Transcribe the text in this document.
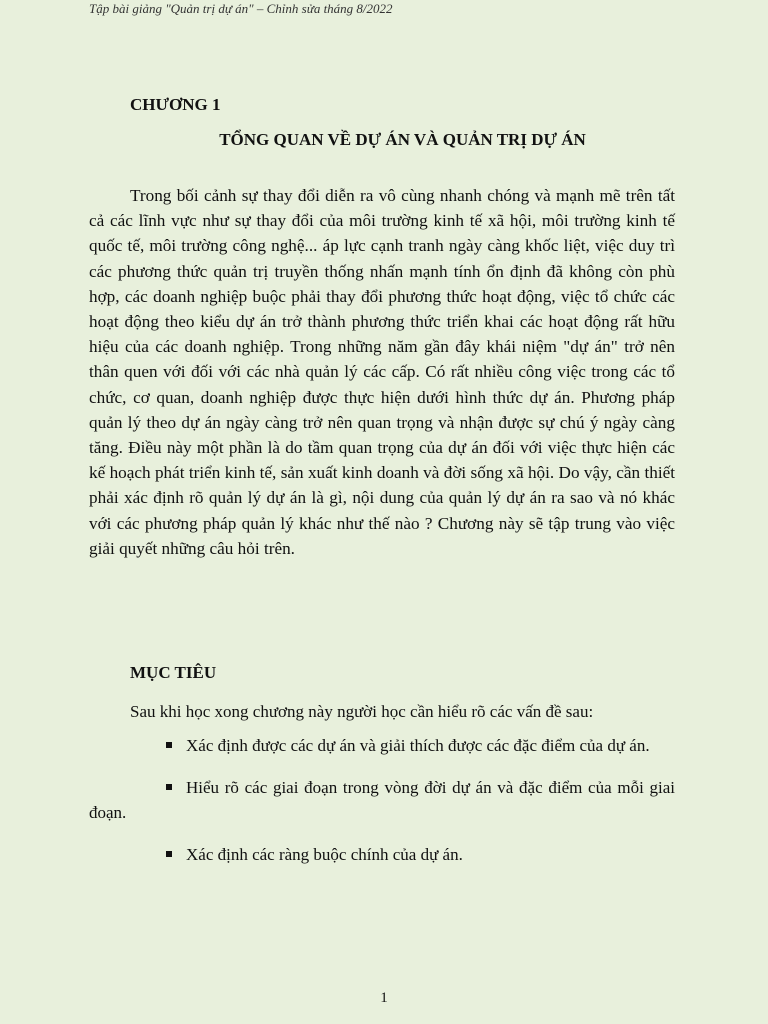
Tập bài giảng "Quản trị dự án" – Chỉnh sửa tháng 8/2022
CHƯƠNG 1
TỔNG QUAN VỀ DỰ ÁN VÀ QUẢN TRỊ DỰ ÁN

Trong bối cảnh sự thay đổi diễn ra vô cùng nhanh chóng và mạnh mẽ trên tất cả các lĩnh vực như sự thay đổi của môi trường kinh tế xã hội, môi trường kinh tế quốc tế, môi trường công nghệ... áp lực cạnh tranh ngày càng khốc liệt, việc duy trì các phương thức quản trị truyền thống nhấn mạnh tính ổn định đã không còn phù hợp, các doanh nghiệp buộc phải thay đổi phương thức hoạt động, việc tổ chức các hoạt động theo kiểu dự án trở thành phương thức triển khai các hoạt động rất hữu hiệu của các doanh nghiệp. Trong những năm gần đây khái niệm "dự án" trở nên thân quen với đối với các nhà quản lý các cấp. Có rất nhiều công việc trong các tổ chức, cơ quan, doanh nghiệp được thực hiện dưới hình thức dự án. Phương pháp quản lý theo dự án ngày càng trở nên quan trọng và nhận được sự chú ý ngày càng tăng. Điều này một phần là do tầm quan trọng của dự án đối với việc thực hiện các kế hoạch phát triển kinh tế, sản xuất kinh doanh và đời sống xã hội. Do vậy, cần thiết phải xác định rõ quản lý dự án là gì, nội dung của quản lý dự án ra sao và nó khác với các phương pháp quản lý khác như thế nào ? Chương này sẽ tập trung vào việc giải quyết những câu hỏi trên.

MỤC TIÊU
Sau khi học xong chương này người học cần hiểu rõ các vấn đề sau:
Xác định được các dự án và giải thích được các đặc điểm của dự án.
Hiểu rõ các giai đoạn trong vòng đời dự án và đặc điểm của mỗi giai đoạn.
Xác định các ràng buộc chính của dự án.
1
